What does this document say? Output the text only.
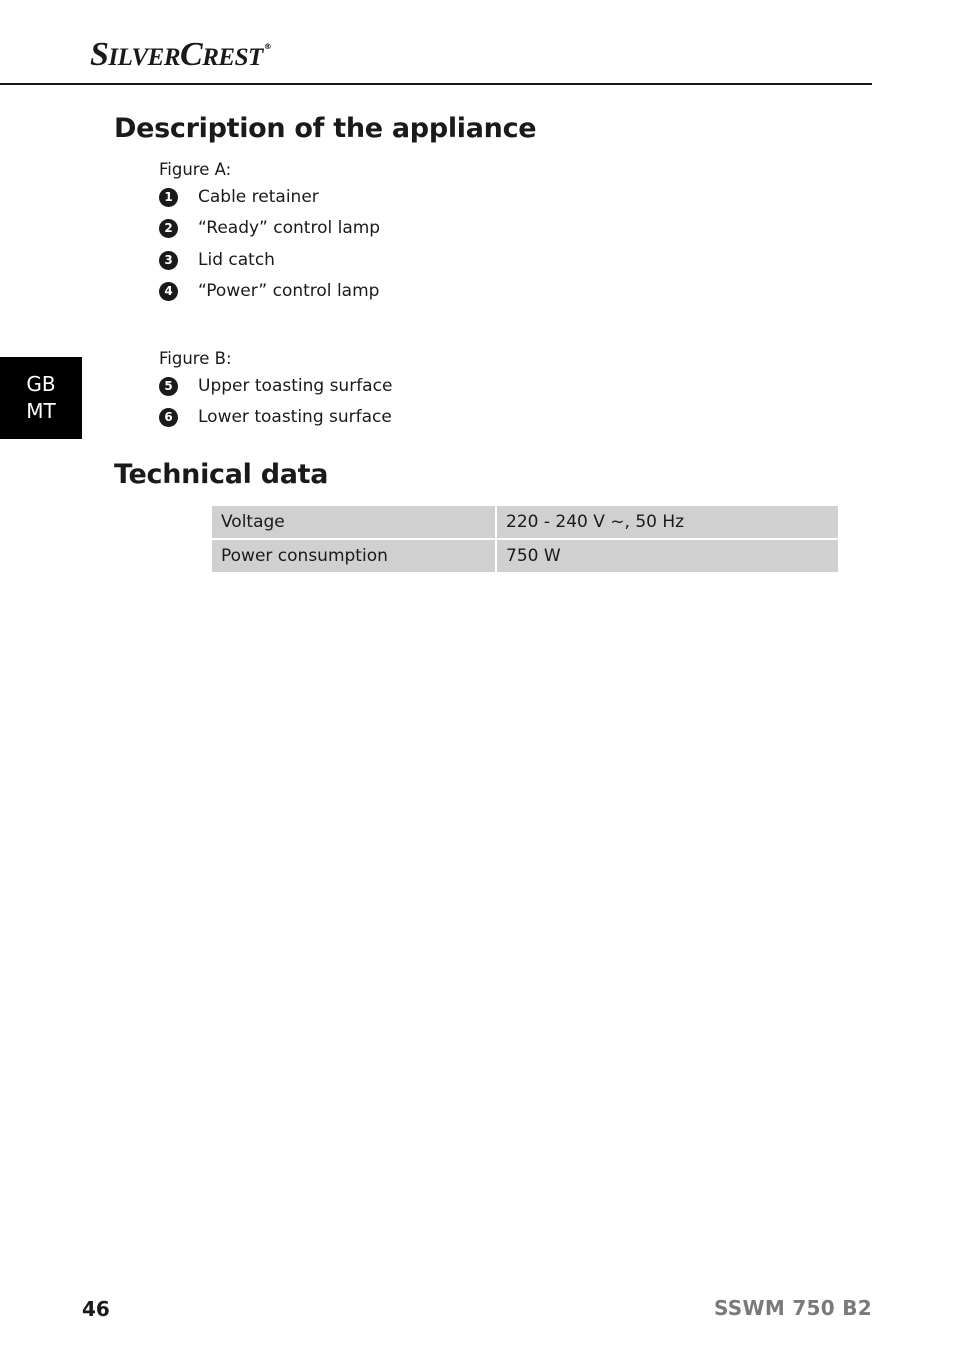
SILVERCREST®
Description of the appliance
Figure A:
1	Cable retainer
2	“Ready” control lamp
3	Lid catch
4	“Power” control lamp
GB
MT
Figure B:
5	Upper toasting surface
6	Lower toasting surface
Technical data
Voltage	220 - 240 V ~, 50 Hz
Power consumption	750 W
46	SSWM 750 B2
